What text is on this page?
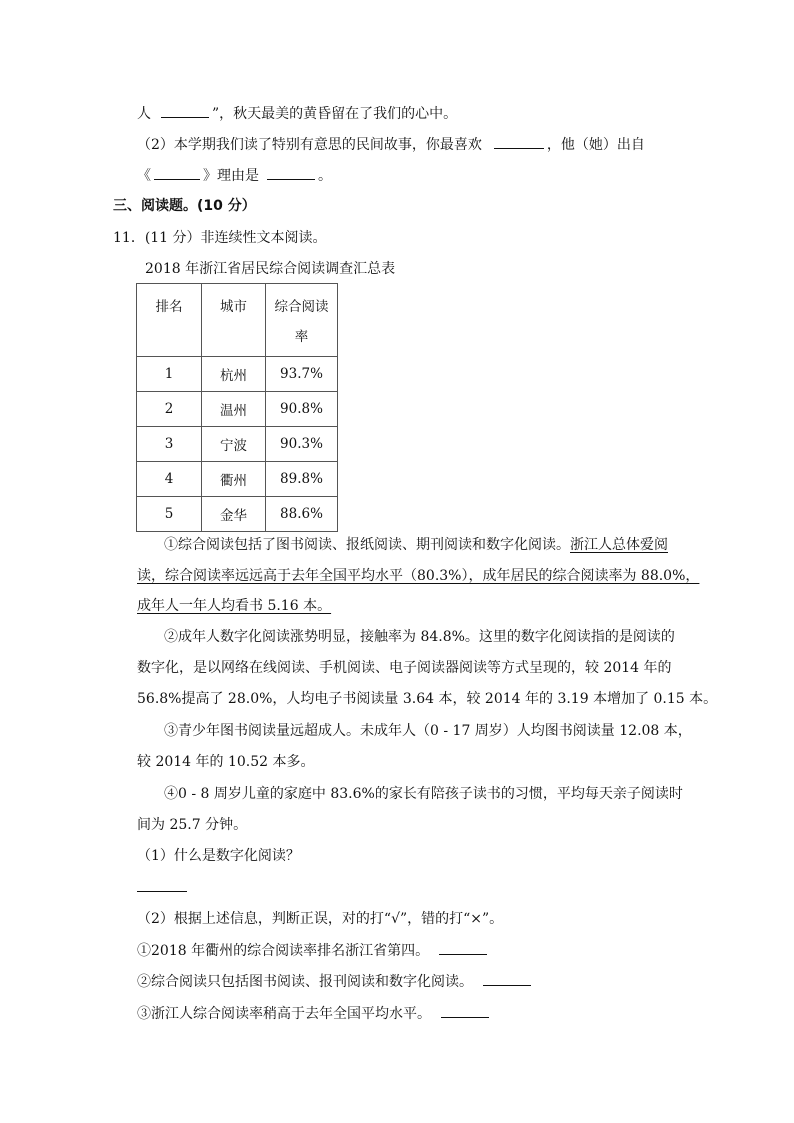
人	”，秋天最美的黄昏留在了我们的心中。
（2）本学期我们读了特别有意思的民间故事，你最喜欢	，他（她）出自
《	》理由是	。
三、阅读题。(10 分）
11．(11 分）非连续性文本阅读。
2018 年浙江省居民综合阅读调查汇总表
排名	城市	综合阅读率
1	杭州	93.7%
2	温州	90.8%
3	宁波	90.3%
4	衢州	89.8%
5	金华	88.6%
①综合阅读包括了图书阅读、报纸阅读、期刊阅读和数字化阅读。浙江人总体爱阅
读，综合阅读率远远高于去年全国平均水平（80.3%），成年居民的综合阅读率为 88.0%，
成年人一年人均看书 5.16 本。
②成年人数字化阅读涨势明显，接触率为 84.8%。这里的数字化阅读指的是阅读的
数字化，是以网络在线阅读、手机阅读、电子阅读器阅读等方式呈现的，较 2014 年的
56.8%提高了 28.0%，人均电子书阅读量 3.64 本，较 2014 年的 3.19 本增加了 0.15 本。
③青少年图书阅读量远超成人。未成年人（0 - 17 周岁）人均图书阅读量 12.08 本，
较 2014 年的 10.52 本多。
④0 - 8 周岁儿童的家庭中 83.6%的家长有陪孩子读书的习惯，平均每天亲子阅读时
间为 25.7 分钟。
（1）什么是数字化阅读？
（2）根据上述信息，判断正误，对的打“√”，错的打“×”。
①2018 年衢州的综合阅读率排名浙江省第四。
②综合阅读只包括图书阅读、报刊阅读和数字化阅读。
③浙江人综合阅读率稍高于去年全国平均水平。
